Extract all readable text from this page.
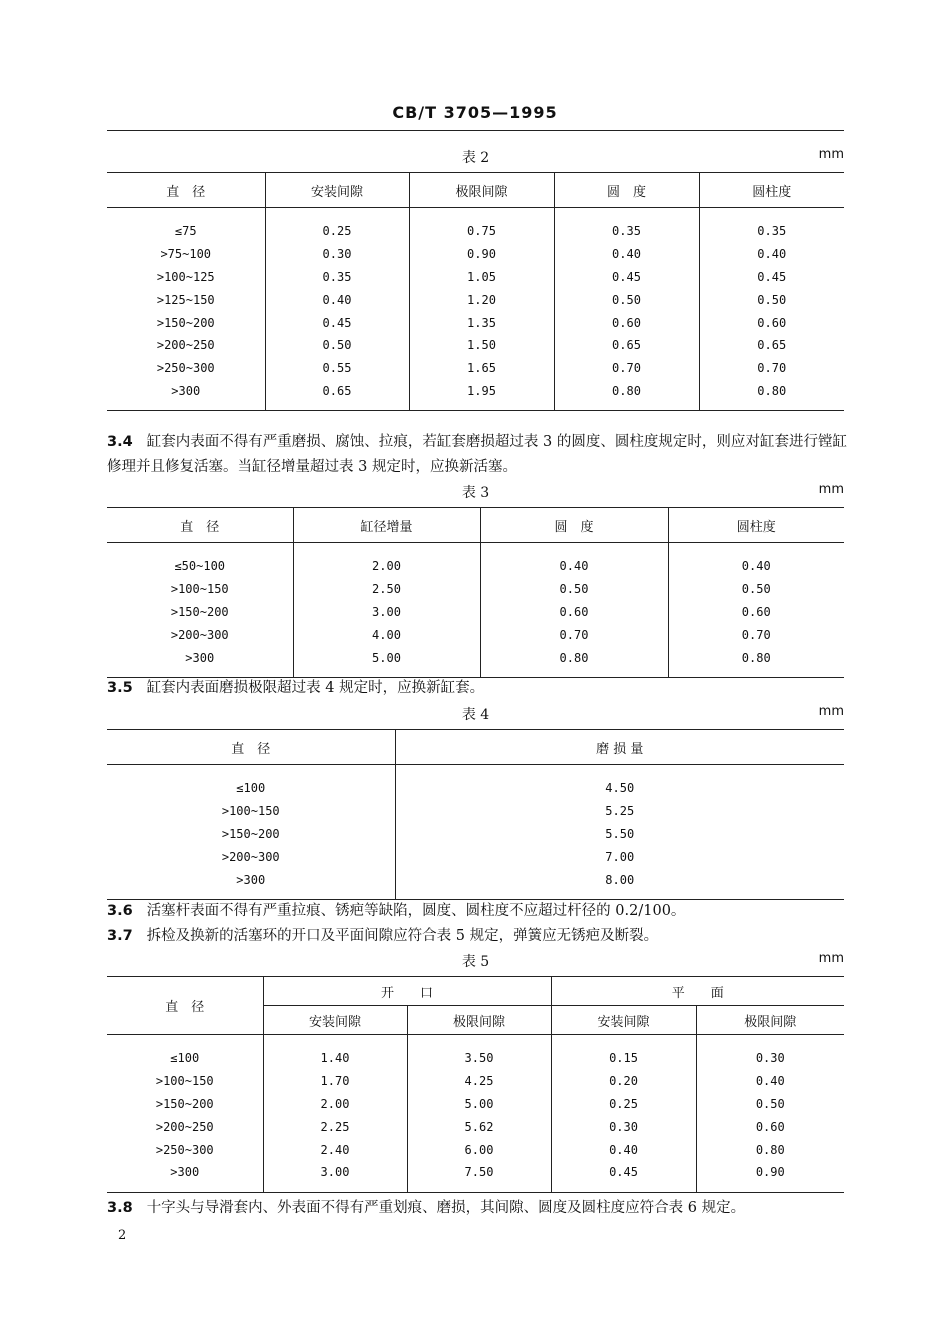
CB/T 3705—1995
表 2	mm
直　径	安装间隙	极限间隙	圆　度	圆柱度
≤75	0.25	0.75	0.35	0.35
>75~100	0.30	0.90	0.40	0.40
>100~125	0.35	1.05	0.45	0.45
>125~150	0.40	1.20	0.50	0.50
>150~200	0.45	1.35	0.60	0.60
>200~250	0.50	1.50	0.65	0.65
>250~300	0.55	1.65	0.70	0.70
>300	0.65	1.95	0.80	0.80
3.4 缸套内表面不得有严重磨损、腐蚀、拉痕，若缸套磨损超过表 3 的圆度、圆柱度规定时，则应对缸套进行镗缸修理并且修复活塞。当缸径增量超过表 3 规定时，应换新活塞。
表 3	mm
直　径	缸径增量	圆　度	圆柱度
≤50~100	2.00	0.40	0.40
>100~150	2.50	0.50	0.50
>150~200	3.00	0.60	0.60
>200~300	4.00	0.70	0.70
>300	5.00	0.80	0.80
3.5 缸套内表面磨损极限超过表 4 规定时，应换新缸套。
表 4	mm
直　径	磨 损 量
≤100	4.50
>100~150	5.25
>150~200	5.50
>200~300	7.00
>300	8.00
3.6 活塞杆表面不得有严重拉痕、锈疤等缺陷，圆度、圆柱度不应超过杆径的 0.2/100。
3.7 拆检及换新的活塞环的开口及平面间隙应符合表 5 规定，弹簧应无锈疤及断裂。
表 5	mm
直　径	开　　口		平　　面	
	安装间隙	极限间隙	安装间隙	极限间隙
≤100	1.40	3.50	0.15	0.30
>100~150	1.70	4.25	0.20	0.40
>150~200	2.00	5.00	0.25	0.50
>200~250	2.25	5.62	0.30	0.60
>250~300	2.40	6.00	0.40	0.80
>300	3.00	7.50	0.45	0.90
3.8 十字头与导滑套内、外表面不得有严重划痕、磨损，其间隙、圆度及圆柱度应符合表 6 规定。
2
